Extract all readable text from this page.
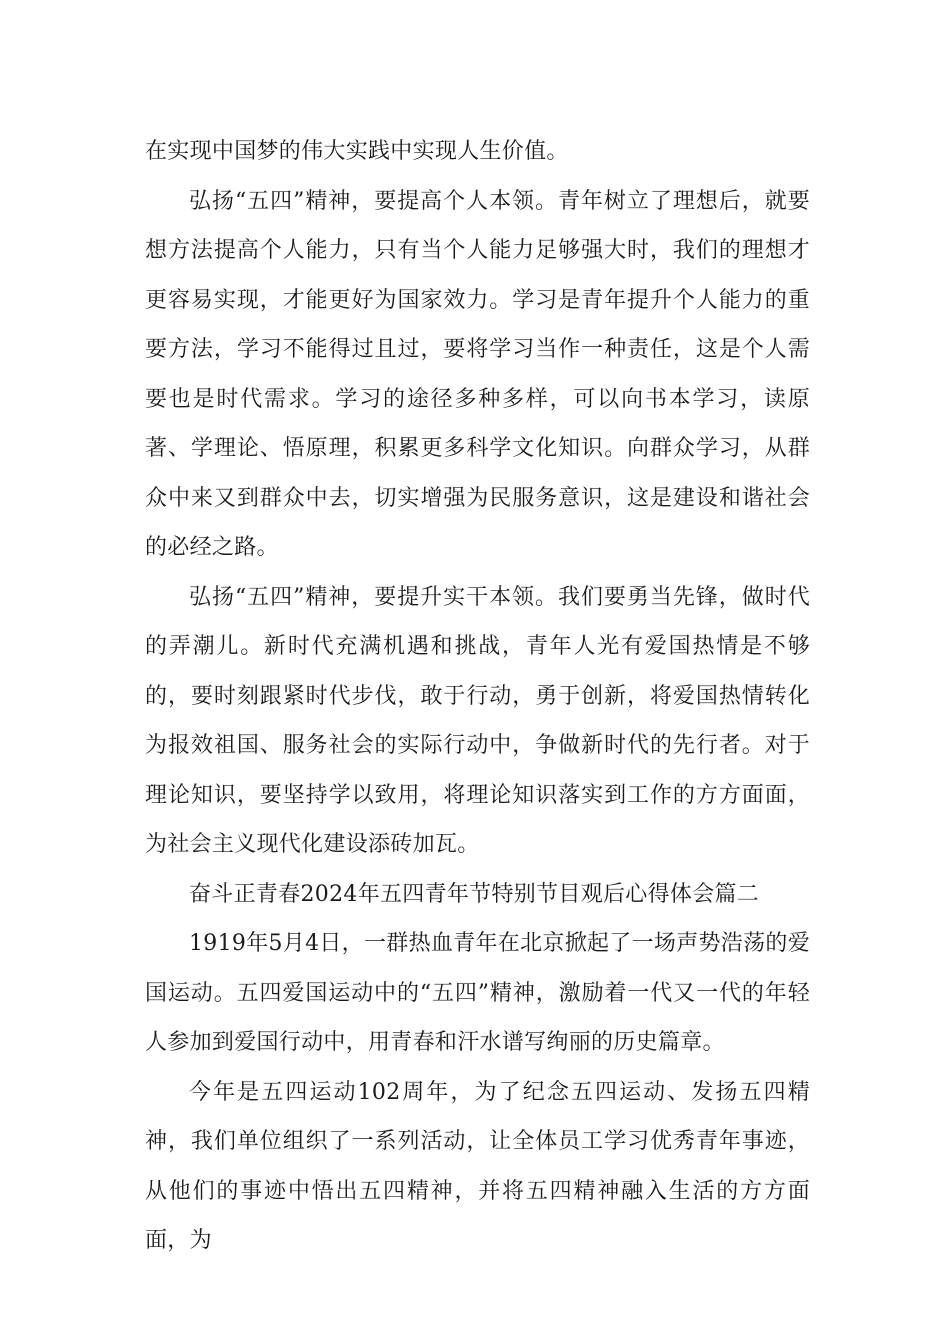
在实现中国梦的伟大实践中实现人生价值。

弘扬“五四”精神，要提高个人本领。青年树立了理想后，就要想方法提高个人能力，只有当个人能力足够强大时，我们的理想才更容易实现，才能更好为国家效力。学习是青年提升个人能力的重要方法，学习不能得过且过，要将学习当作一种责任，这是个人需要也是时代需求。学习的途径多种多样，可以向书本学习，读原著、学理论、悟原理，积累更多科学文化知识。向群众学习，从群众中来又到群众中去，切实增强为民服务意识，这是建设和谐社会的必经之路。

弘扬“五四”精神，要提升实干本领。我们要勇当先锋，做时代的弄潮儿。新时代充满机遇和挑战，青年人光有爱国热情是不够的，要时刻跟紧时代步伐，敢于行动，勇于创新，将爱国热情转化为报效祖国、服务社会的实际行动中，争做新时代的先行者。对于理论知识，要坚持学以致用，将理论知识落实到工作的方方面面，为社会主义现代化建设添砖加瓦。

奋斗正青春2024年五四青年节特别节目观后心得体会篇二

1919年5月4日，一群热血青年在北京掀起了一场声势浩荡的爱国运动。五四爱国运动中的“五四”精神，激励着一代又一代的年轻人参加到爱国行动中，用青春和汗水谱写绚丽的历史篇章。

今年是五四运动102周年，为了纪念五四运动、发扬五四精神，我们单位组织了一系列活动，让全体员工学习优秀青年事迹，从他们的事迹中悟出五四精神，并将五四精神融入生活的方方面面，为
